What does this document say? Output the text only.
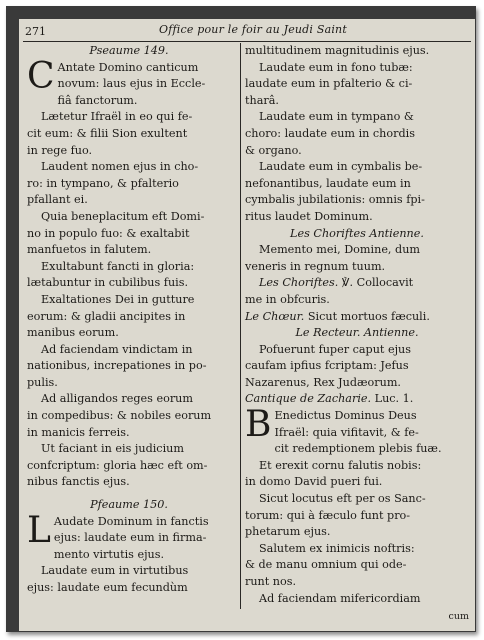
271	Office pour le foir au Jeudi Saint

Pseaume 149.

C Antate Domino canticum

novum: laus ejus in Eccle-

fiâ fanctorum.

Lætetur Ifraël in eo qui fe-

cit eum: & filii Sion exultent

in rege fuo.

Laudent nomen ejus in cho-

ro: in tympano, & pfalterio

pfallant ei.

Quia beneplacitum eft Domi-

no in populo fuo: & exaltabit

manfuetos in falutem.

Exultabunt fancti in gloria:

lætabuntur in cubilibus fuis.

Exaltationes Dei in gutture

eorum: & gladii ancipites in

manibus eorum.

Ad faciendam vindictam in

nationibus, increpationes in po-

pulis.

Ad alligandos reges eorum

in compedibus: & nobiles eorum

in manicis ferreis.

Ut faciant in eis judicium

confcriptum: gloria hæc eft om-

nibus fanctis ejus.

Pfeaume 150.

L Audate Dominum in fanctis

ejus: laudate eum in firma-

mento virtutis ejus.

Laudate eum in virtutibus

ejus: laudate eum fecundùm

multitudinem magnitudinis ejus.

Laudate eum in fono tubæ:

laudate eum in pfalterio & ci-

tharâ.

Laudate eum in tympano &

choro: laudate eum in chordis

& organo.

Laudate eum in cymbalis be-

nefonantibus, laudate eum in

cymbalis jubilationis: omnis fpi-

ritus laudet Dominum.

Les Choriftes Antienne.

Memento mei, Domine, dum

veneris in regnum tuum.

Les Choriftes. ℣. Collocavit

me in obfcuris.

Le Chœur. Sicut mortuos fæculi.

Le Recteur. Antienne.

Pofuerunt fuper caput ejus

caufam ipfius fcriptam: Jefus

Nazarenus, Rex Judæorum.

Cantique de Zacharie. Luc. 1.

B Enedictus Dominus Deus

Ifraël: quia vifitavit, & fe-

cit redemptionem plebis fuæ.

Et erexit cornu falutis nobis:

in domo David pueri fui.

Sicut locutus eft per os Sanc-

torum: qui à fæculo funt pro-

phetarum ejus.

Salutem ex inimicis noftris:

& de manu omnium qui ode-

runt nos.

Ad faciendam mifericordiam

cum
